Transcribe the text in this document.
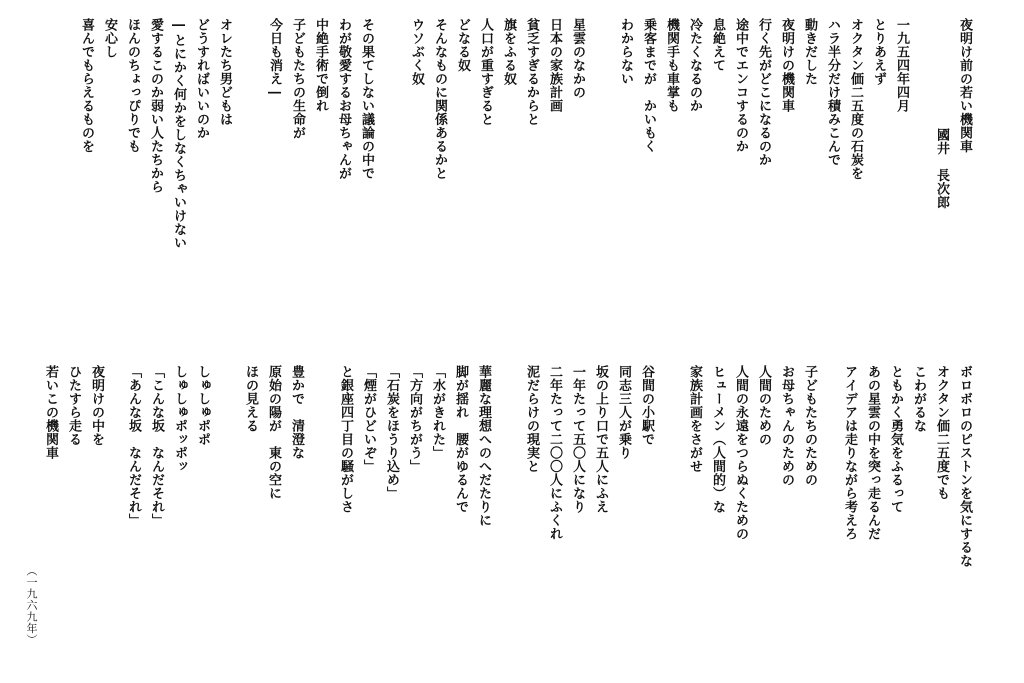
夜明け前の若い機関車
國井　長次郎
（一九六九年）
一九五四年四月
とりあえず
オクタン価二五度の石炭を
ハラ半分だけ積みこんで
動きだした
夜明けの機関車
行く先がどこになるのか
途中でエンコするのか
息絶えて
冷たくなるのか
機関手も車掌も
乗客までが　かいもく
わからない
星雲のなかの
日本の家族計画
貧乏すぎるからと
旗をふる奴
人口が重すぎると
どなる奴
そんなものに関係あるかと
ウソぶく奴
その果てしない議論の中で
わが敬愛するお母ちゃんが
中絶手術で倒れ
子どもたちの生命が
今日も消え―
オレたち男どもは
どうすればいいのか
―とにかく何かをしなくちゃいけない
愛するこのか弱い人たちから
ほんのちょっぴりでも
安心し
喜んでもらえるものを
ボロボロのピストンを気にするな
オクタン価二五度でも
こわがるな
ともかく勇気をふるって
あの星雲の中を突っ走るんだ
アイデアは走りながら考えろ
子どもたちのための
お母ちゃんのための
人間のための
人間の永遠をつらぬくための
ヒューメン（人間的）な
家族計画をさがせ
谷間の小駅で
同志三人が乗り
坂の上り口で五人にふえ
一年たって五〇人になり
二年たって二〇〇人にふくれ
泥だらけの現実と
華麗な理想へのへだたりに
脚が揺れ　腰がゆるんで
「水がきれた」
「方向がちがう」
「石炭をほうり込め」
「煙がひどいぞ」
と銀座四丁目の騒がしさ
豊かで　清澄な
原始の陽が　東の空に
ほの見える
しゅしゅポポ
しゅしゅポッポッ
「こんな坂　なんだそれ」
「あんな坂　なんだそれ」
夜明けの中を
ひたすら走る
若いこの機関車
